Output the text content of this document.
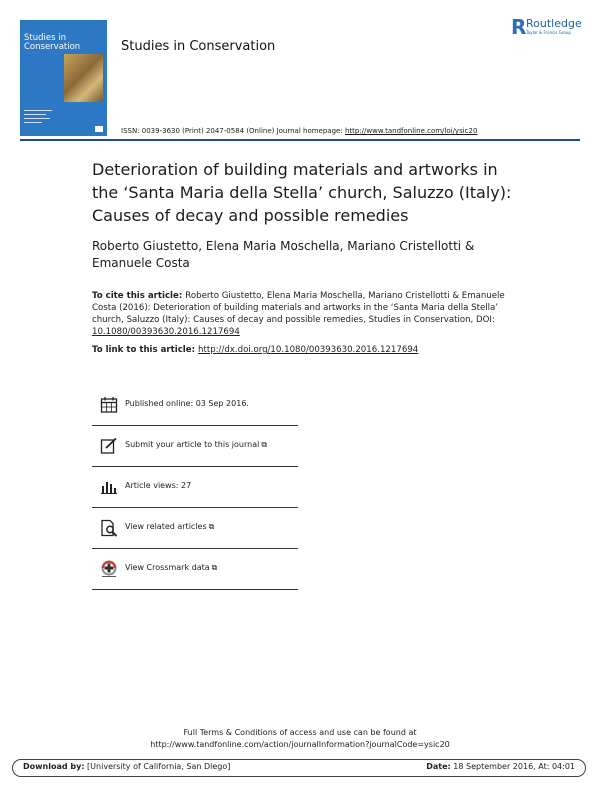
Studies in Conservation	Studies in Conservation
R Routledge
Taylor & Francis Group
ISSN: 0039-3630 (Print) 2047-0584 (Online) Journal homepage: http://www.tandfonline.com/loi/ysic20
Deterioration of building materials and artworks in the ‘Santa Maria della Stella’ church, Saluzzo (Italy): Causes of decay and possible remedies
Roberto Giustetto, Elena Maria Moschella, Mariano Cristellotti & Emanuele Costa
To cite this article: Roberto Giustetto, Elena Maria Moschella, Mariano Cristellotti & Emanuele Costa (2016): Deterioration of building materials and artworks in the ‘Santa Maria della Stella’ church, Saluzzo (Italy): Causes of decay and possible remedies, Studies in Conservation, DOI: 10.1080/00393630.2016.1217694
To link to this article: http://dx.doi.org/10.1080/00393630.2016.1217694
Published online: 03 Sep 2016.
Submit your article to this journal ⧉
Article views: 27
View related articles ⧉
View Crossmark data ⧉
Full Terms & Conditions of access and use can be found at
http://www.tandfonline.com/action/journalInformation?journalCode=ysic20
Download by: [University of California, San Diego]	Date: 18 September 2016, At: 04:01
